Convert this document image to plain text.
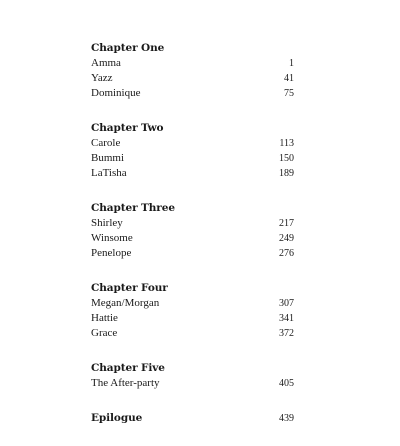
Chapter One
Amma	1
Yazz	41
Dominique	75
Chapter Two
Carole	113
Bummi	150
LaTisha	189
Chapter Three
Shirley	217
Winsome	249
Penelope	276
Chapter Four
Megan/Morgan	307
Hattie	341
Grace	372
Chapter Five
The After-party	405
Epilogue	439
